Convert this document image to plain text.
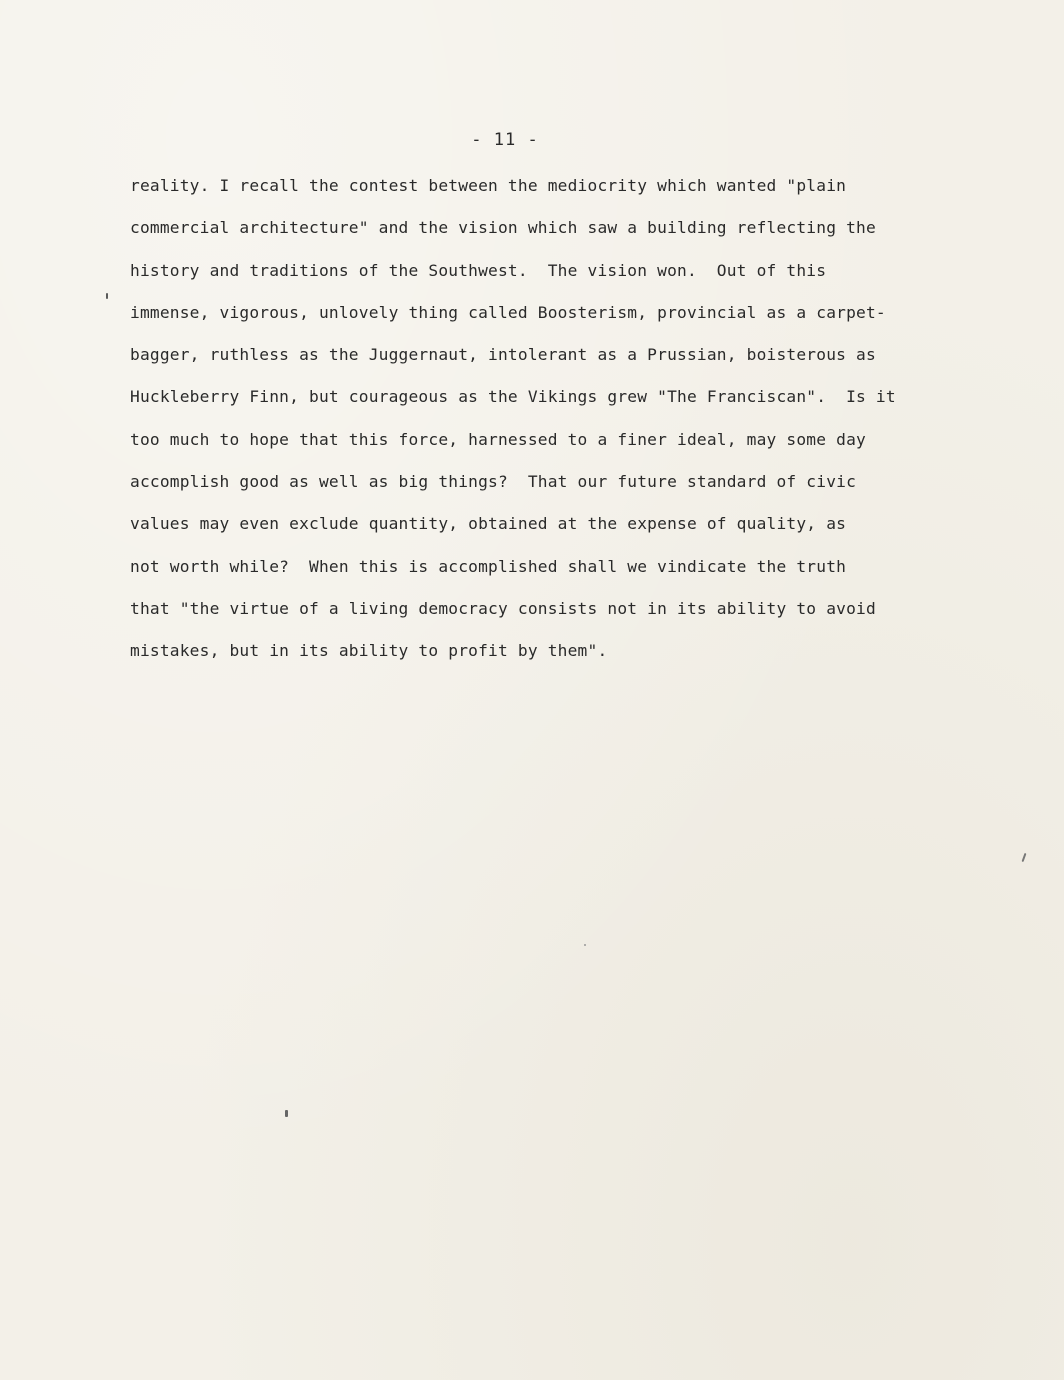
- 11 -
reality. I recall the contest between the mediocrity which wanted "plain
commercial architecture" and the vision which saw a building reflecting the
history and traditions of the Southwest.  The vision won.  Out of this
immense, vigorous, unlovely thing called Boosterism, provincial as a carpet-
bagger, ruthless as the Juggernaut, intolerant as a Prussian, boisterous as
Huckleberry Finn, but courageous as the Vikings grew "The Franciscan".  Is it
too much to hope that this force, harnessed to a finer ideal, may some day
accomplish good as well as big things?  That our future standard of civic
values may even exclude quantity, obtained at the expense of quality, as
not worth while?  When this is accomplished shall we vindicate the truth
that "the virtue of a living democracy consists not in its ability to avoid
mistakes, but in its ability to profit by them".
